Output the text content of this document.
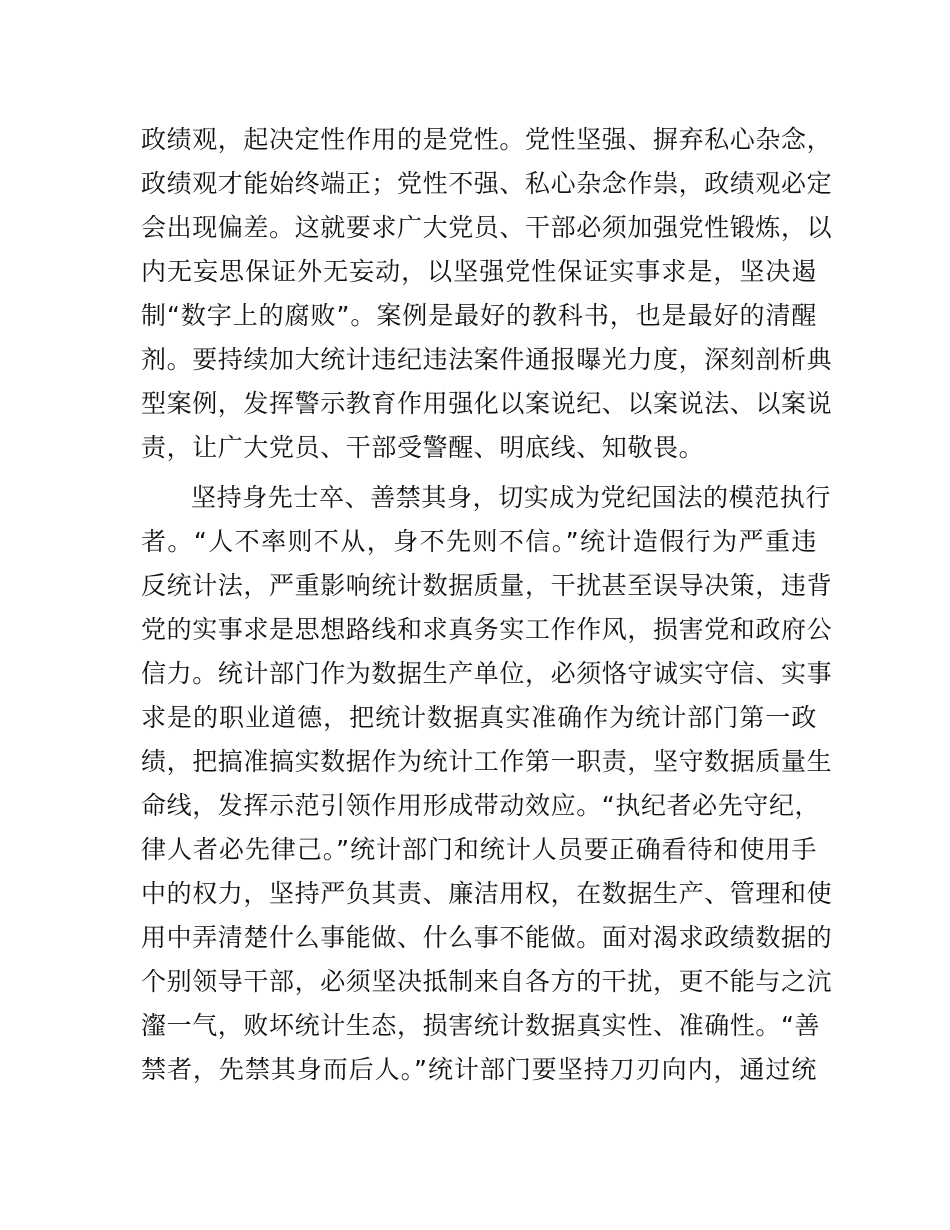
政绩观，起决定性作用的是党性。党性坚强、摒弃私心杂念，
政绩观才能始终端正；党性不强、私心杂念作祟，政绩观必定
会出现偏差。这就要求广大党员、干部必须加强党性锻炼，以
内无妄思保证外无妄动，以坚强党性保证实事求是，坚决遏
制“数字上的腐败”。案例是最好的教科书，也是最好的清醒
剂。要持续加大统计违纪违法案件通报曝光力度，深刻剖析典
型案例，发挥警示教育作用强化以案说纪、以案说法、以案说
责，让广大党员、干部受警醒、明底线、知敬畏。
坚持身先士卒、善禁其身，切实成为党纪国法的模范执行
者。“人不率则不从，身不先则不信。”统计造假行为严重违
反统计法，严重影响统计数据质量，干扰甚至误导决策，违背
党的实事求是思想路线和求真务实工作作风，损害党和政府公
信力。统计部门作为数据生产单位，必须恪守诚实守信、实事
求是的职业道德，把统计数据真实准确作为统计部门第一政
绩，把搞准搞实数据作为统计工作第一职责，坚守数据质量生
命线，发挥示范引领作用形成带动效应。“执纪者必先守纪，
律人者必先律己。”统计部门和统计人员要正确看待和使用手
中的权力，坚持严负其责、廉洁用权，在数据生产、管理和使
用中弄清楚什么事能做、什么事不能做。面对渴求政绩数据的
个别领导干部，必须坚决抵制来自各方的干扰，更不能与之沆
瀣一气，败坏统计生态，损害统计数据真实性、准确性。“善
禁者，先禁其身而后人。”统计部门要坚持刀刃向内，通过统
